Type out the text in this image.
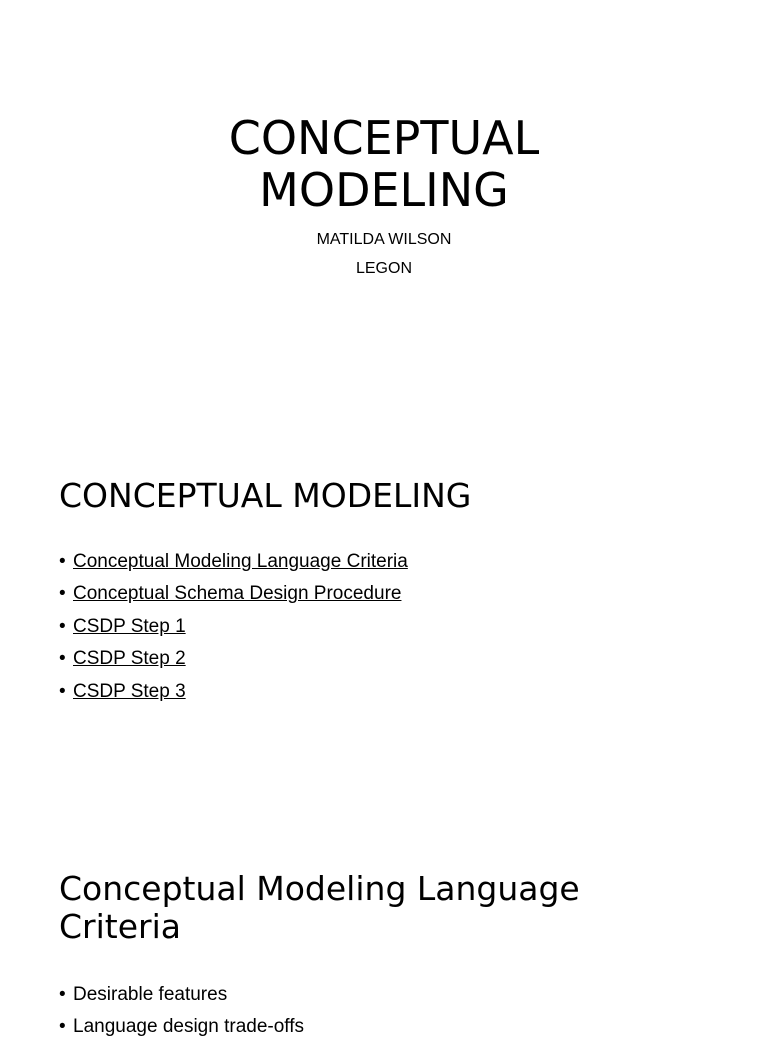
CONCEPTUAL
MODELING
MATILDA WILSON
LEGON
CONCEPTUAL MODELING
• Conceptual Modeling Language Criteria
• Conceptual Schema Design Procedure
• CSDP Step 1
• CSDP Step 2
• CSDP Step 3
Conceptual Modeling Language
Criteria
• Desirable features
• Language design trade-offs
